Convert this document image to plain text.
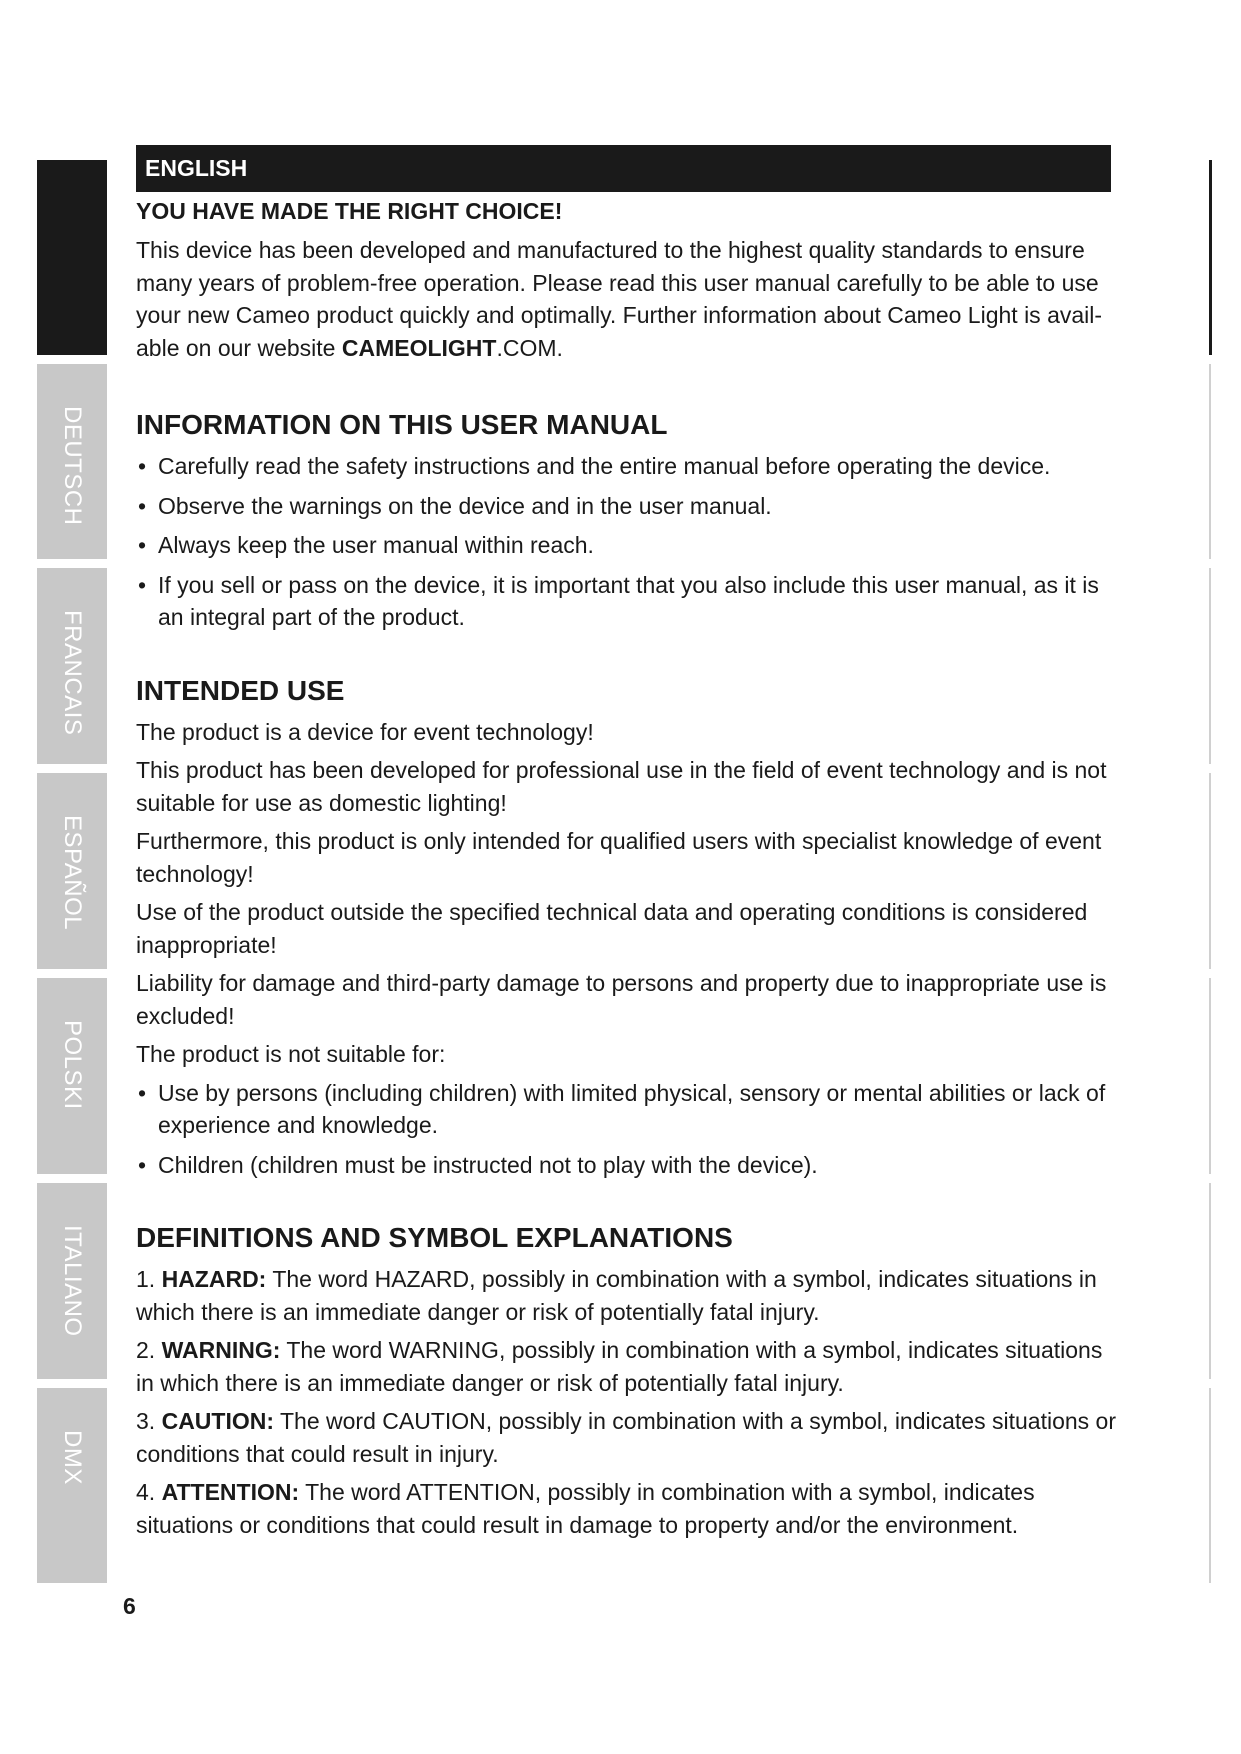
DEUTSCH
FRANCAIS
ESPAÑOL
POLSKI
ITALIANO
DMX
ENGLISH
YOU HAVE MADE THE RIGHT CHOICE!

This device has been developed and manufactured to the highest quality standards to ensure many years of problem-free operation. Please read this user manual carefully to be able to use your new Cameo product quickly and optimally. Further information about Cameo Light is avail-able on our website CAMEOLIGHT.COM.

INFORMATION ON THIS USER MANUAL
• Carefully read the safety instructions and the entire manual before operating the device.
• Observe the warnings on the device and in the user manual.
• Always keep the user manual within reach.
• If you sell or pass on the device, it is important that you also include this user manual, as it is an integral part of the product.
INTENDED USE

The product is a device for event technology!

This product has been developed for professional use in the field of event technology and is not suitable for use as domestic lighting!

Furthermore, this product is only intended for qualified users with specialist knowledge of event technology!

Use of the product outside the specified technical data and operating conditions is considered inappropriate!

Liability for damage and third-party damage to persons and property due to inappropriate use is excluded!

The product is not suitable for:

• Use by persons (including children) with limited physical, sensory or mental abilities or lack of experience and knowledge.
• Children (children must be instructed not to play with the device).
DEFINITIONS AND SYMBOL EXPLANATIONS

1. HAZARD: The word HAZARD, possibly in combination with a symbol, indicates situations in which there is an immediate danger or risk of potentially fatal injury.

2. WARNING: The word WARNING, possibly in combination with a symbol, indicates situations in which there is an immediate danger or risk of potentially fatal injury.

3. CAUTION: The word CAUTION, possibly in combination with a symbol, indicates situations or conditions that could result in injury.

4. ATTENTION: The word ATTENTION, possibly in combination with a symbol, indicates situations or conditions that could result in damage to property and/or the environment.

6
